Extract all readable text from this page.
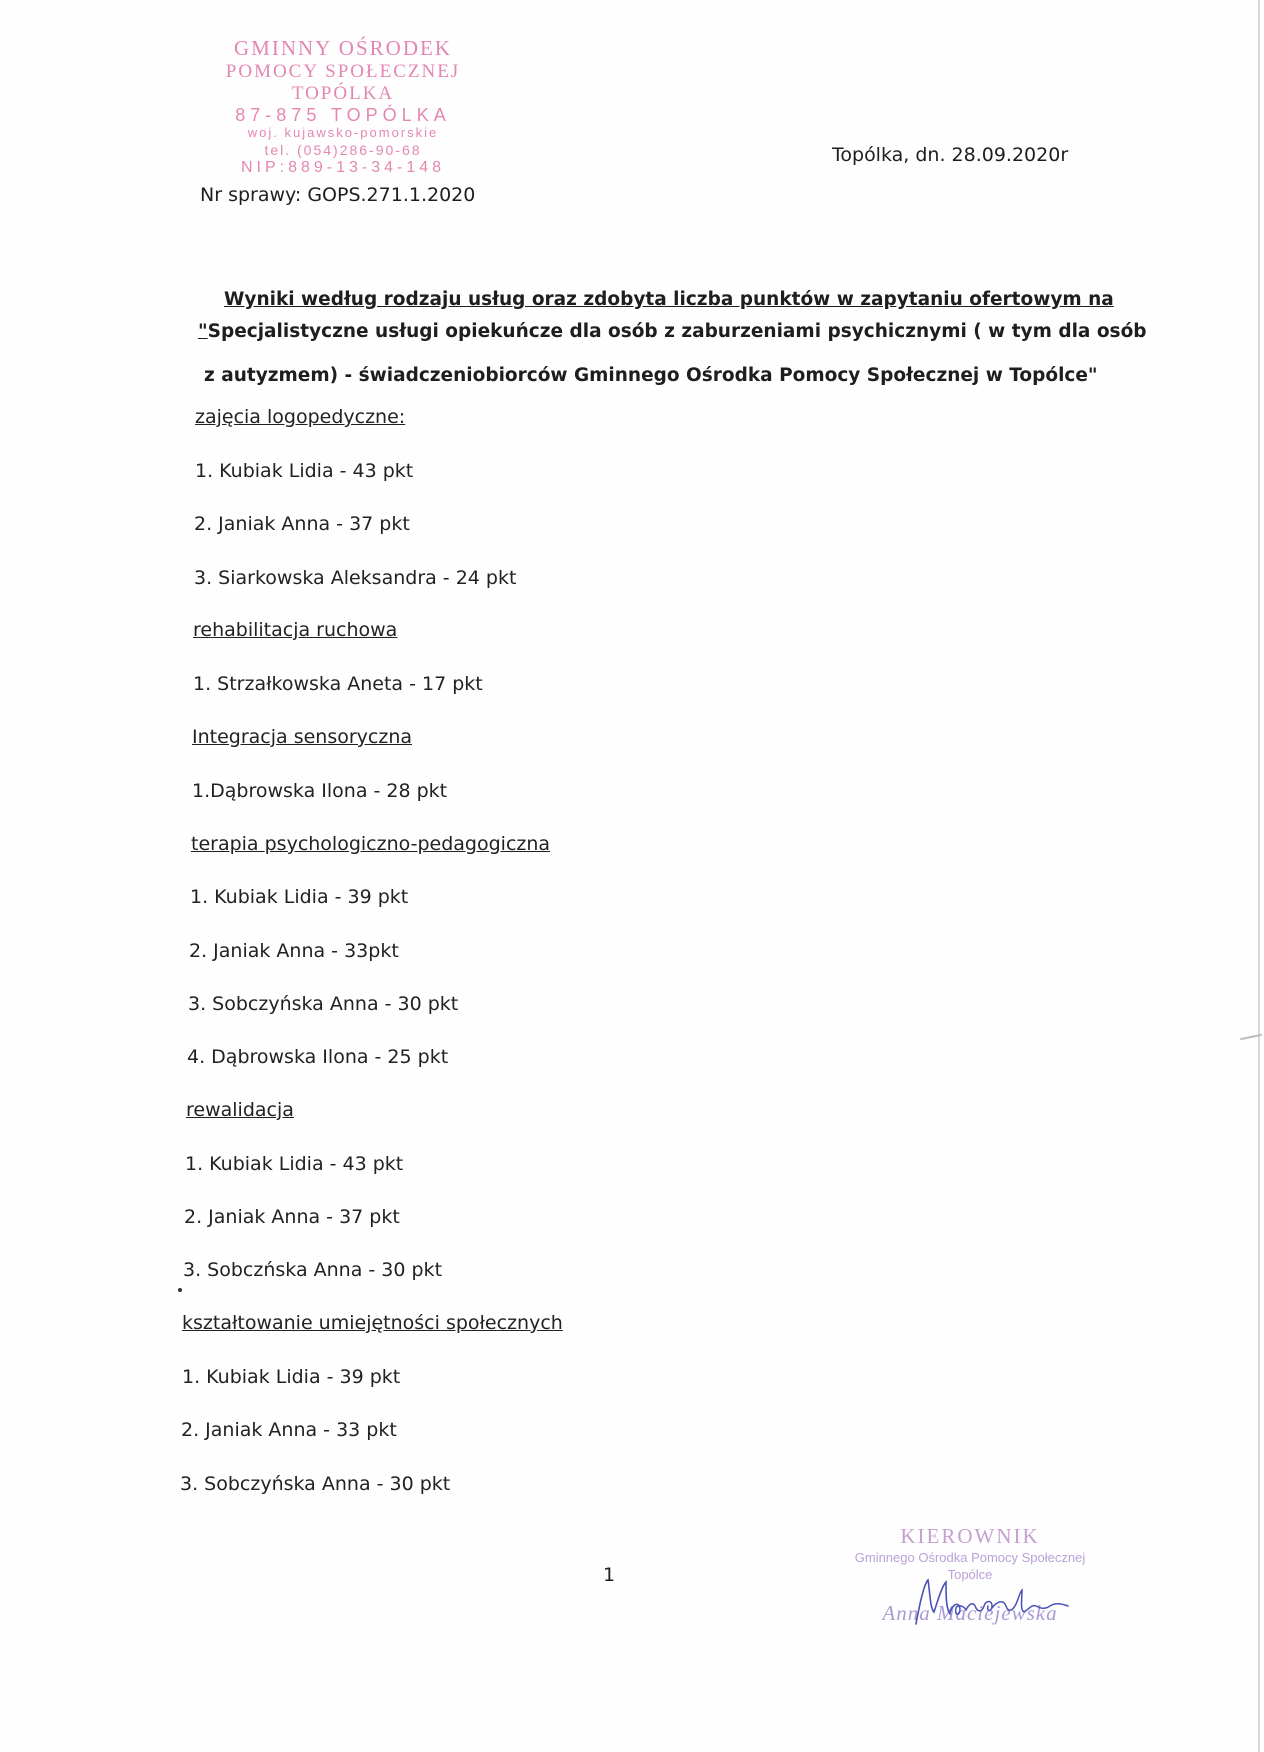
GMINNY OŚRODEK
POMOCY SPOŁECZNEJ
TOPÓLKA
87-875 TOPÓLKA
woj. kujawsko-pomorskie
tel. (054)286-90-68
NIP:889-13-34-148
Topólka, dn. 28.09.2020r
Nr sprawy: GOPS.271.1.2020
Wyniki według rodzaju usług oraz zdobyta liczba punktów w zapytaniu ofertowym na
"Specjalistyczne usługi opiekuńcze dla osób z zaburzeniami psychicznymi ( w tym dla osób
z autyzmem) - świadczeniobiorców Gminnego Ośrodka Pomocy Społecznej w Topólce"
zajęcia logopedyczne:
1. Kubiak Lidia - 43 pkt
2. Janiak Anna - 37 pkt
3. Siarkowska Aleksandra - 24 pkt
rehabilitacja ruchowa
1. Strzałkowska Aneta - 17 pkt
Integracja sensoryczna
1.Dąbrowska Ilona - 28 pkt
terapia psychologiczno-pedagogiczna
1. Kubiak Lidia - 39 pkt
2. Janiak Anna - 33pkt
3. Sobczyńska Anna - 30 pkt
4. Dąbrowska Ilona - 25 pkt
rewalidacja
1. Kubiak Lidia - 43 pkt
2. Janiak Anna - 37 pkt
3. Sobczńska Anna - 30 pkt
kształtowanie umiejętności społecznych
1. Kubiak Lidia - 39 pkt
2. Janiak Anna - 33 pkt
3. Sobczyńska Anna - 30 pkt
1
KIEROWNIK
Gminnego Ośrodka Pomocy Społecznej
Topólce
Anna Maciejewska
